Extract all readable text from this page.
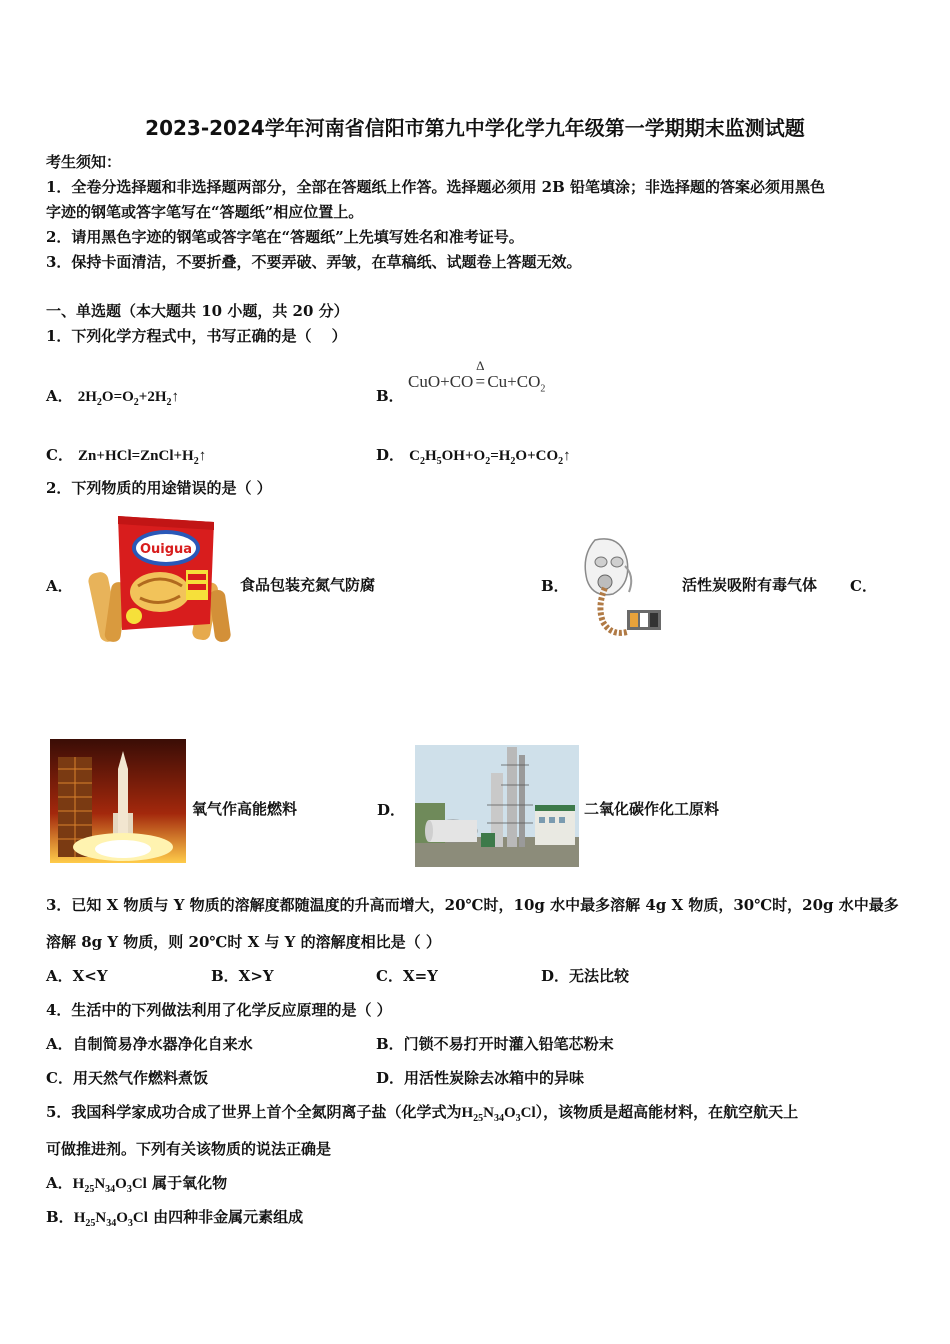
2023-2024学年河南省信阳市第九中学化学九年级第一学期期末监测试题
考生须知：
1．全卷分选择题和非选择题两部分，全部在答题纸上作答。选择题必须用 2B 铅笔填涂；非选择题的答案必须用黑色
字迹的钢笔或答字笔写在“答题纸”相应位置上。
2．请用黑色字迹的钢笔或答字笔在“答题纸”上先填写姓名和准考证号。
3．保持卡面清洁，不要折叠，不要弄破、弄皱，在草稿纸、试题卷上答题无效。
一、单选题（本大题共 10 小题，共 20 分）
1．下列化学方程式中，书写正确的是（　 ）
A． $2H_2O=O_2+2H_2↑$	B．
CuO+CO
Δ
= $Cu+CO_2$
C． $Zn+HCl=ZnCl+H_2↑$	D． $C_2H_5OH+O_2=H_2O+CO_2↑$
2．下列物质的用途错误的是（ ）
A．
Ouigua
食品包装充氮气防腐	B．	活性炭吸附有毒气体 C．
氧气作高能燃料	D．	二氧化碳作化工原料
3．已知 X 物质与 Y 物质的溶解度都随温度的升高而增大，20℃时，10g 水中最多溶解 4g X 物质，30℃时，20g 水中最多
溶解 8g Y 物质，则 20℃时 X 与 Y 的溶解度相比是（ ）
A．X<Y	B．X>Y	C．X=Y	D．无法比较
4．生活中的下列做法利用了化学反应原理的是（ ）
A．自制简易净水器净化自来水	B．门锁不易打开时灌入铅笔芯粉末
C．用天然气作燃料煮饭	D．用活性炭除去冰箱中的异味
5．我国科学家成功合成了世界上首个全氮阴离子盐（化学式为$H_{25}N_{34}O_3Cl$），该物质是超高能材料，在航空航天上
可做推进剂。下列有关该物质的说法正确是
A．$H_{25}N_{34}O_3Cl$ 属于氧化物
B．$H_{25}N_{34}O_3Cl$ 由四种非金属元素组成
